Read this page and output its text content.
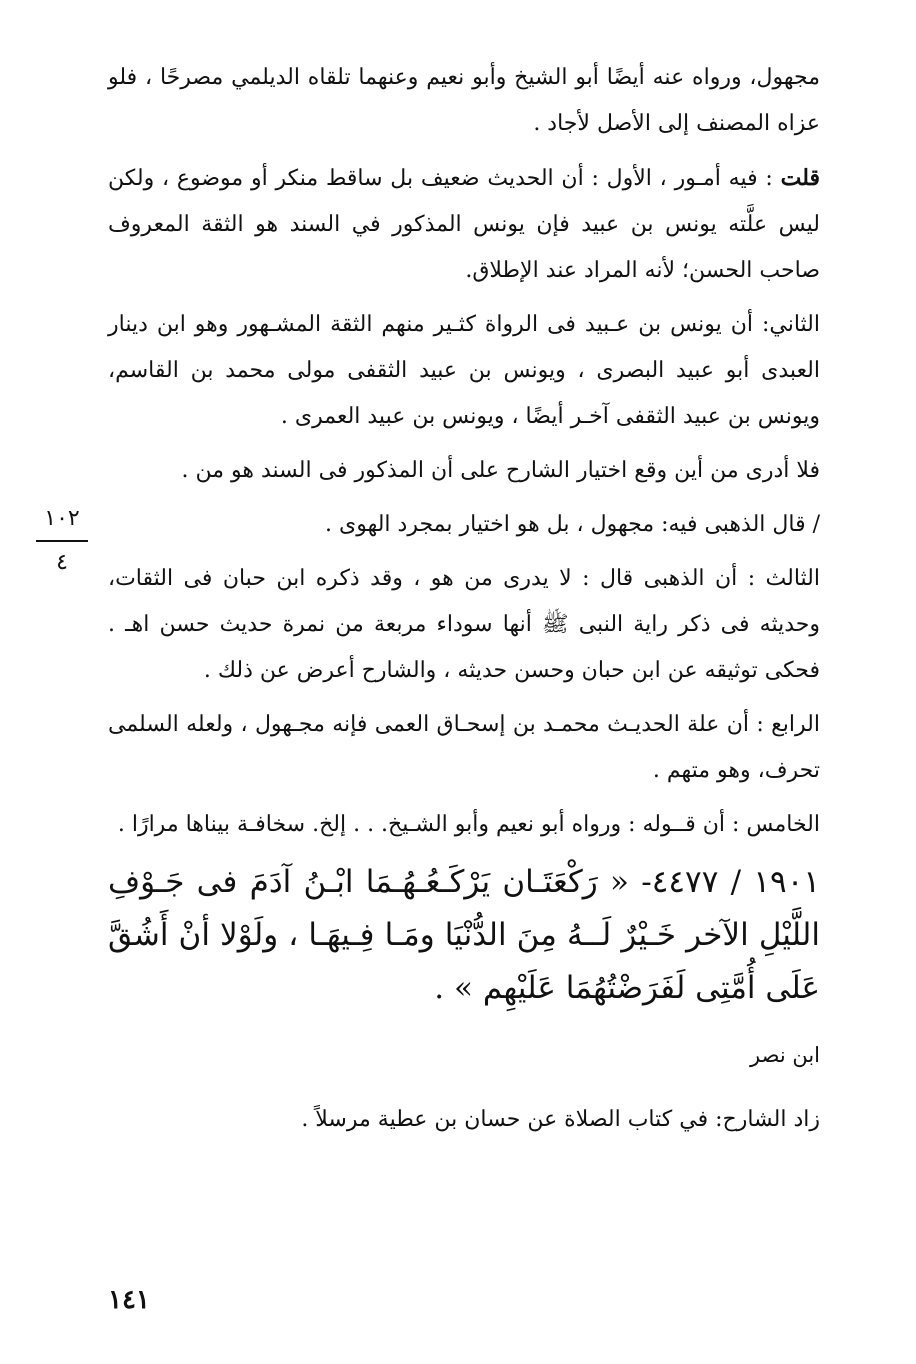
مجهول، ورواه عنه أيضًا أبو الشيخ وأبو نعيم وعنهما تلقاه الديلمي مصرحًا ، فلو عزاه المصنف إلى الأصل لأجاد .

قلت : فيه أمـور ، الأول : أن الحديث ضعيف بل ساقط منكر أو موضوع ، ولكن ليس علَّته يونس بن عبيد فإن يونس المذكور في السند هو الثقة المعروف صاحب الحسن؛ لأنه المراد عند الإطلاق.

الثاني: أن يونس بن عـبيد فى الرواة كثـير منهم الثقة المشـهور وهو ابن دينار العبدى أبو عبيد البصرى ، ويونس بن عبيد الثقفى مولى محمد بن القاسم، ويونس بن عبيد الثقفى آخـر أيضًا ، ويونس بن عبيد العمرى .

فلا أدرى من أين وقع اختيار الشارح على أن المذكور فى السند هو من .

/ قال الذهبى فيه: مجهول ، بل هو اختيار بمجرد الهوى .

الثالث : أن الذهبى قال : لا يدرى من هو ، وقد ذكره ابن حبان فى الثقات، وحديثه فى ذكر راية النبى ﷺ أنها سوداء مربعة من نمرة حديث حسن اهـ . فحكى توثيقه عن ابن حبان وحسن حديثه ، والشارح أعرض عن ذلك .

الرابع : أن علة الحديـث محمـد بن إسحـاق العمى فإنه مجـهول ، ولعله السلمى تحرف، وهو متهم .

الخامس : أن قــوله : ورواه أبو نعيم وأبو الشـيخ. . . إلخ. سخافـة بيناها مرارًا .

١٩٠١ / ٤٤٧٧- « رَكْعَتَـان يَرْكَـعُـهُـمَا ابْـنُ آدَمَ فى جَـوْفِ اللَّيْلِ الآخر خَـيْرٌ لَــهُ مِنَ الدُّنْيَا ومَـا فِـيهَـا ، ولَوْلا أنْ أَشُقَّ عَلَى أُمَّتِى لَفَرَضْتُهُمَا عَلَيْهِم » .

ابن نصر

زاد الشارح: في كتاب الصلاة عن حسان بن عطية مرسلاً .

١٠٢
٤
١٤١
